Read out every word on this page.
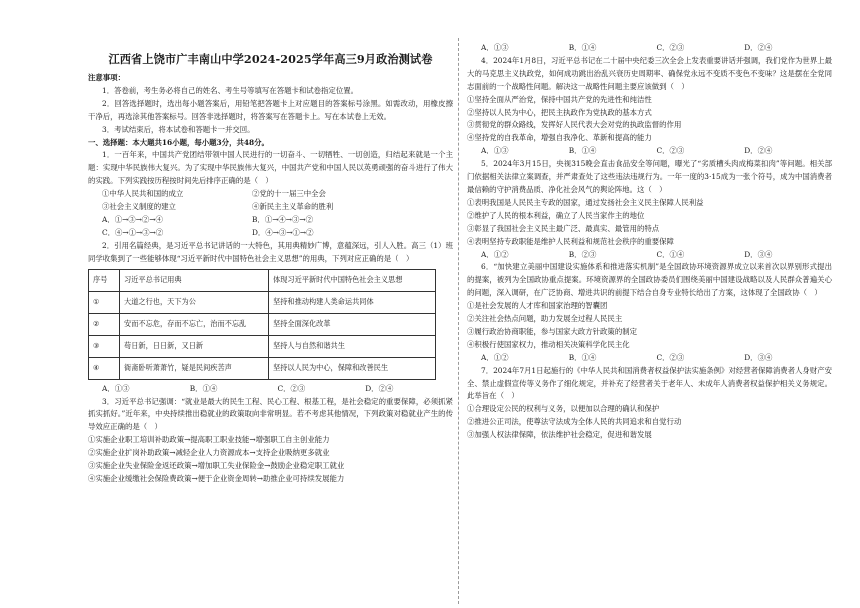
江西省上饶市广丰南山中学2024-2025学年高三9月政治测试卷

注意事项：

1．答卷前，考生务必将自己的姓名、考生号等填写在答题卡和试卷指定位置。

2．回答选择题时，选出每小题答案后，用铅笔把答题卡上对应题目的答案标号涂黑。如需改动，用橡皮擦干净后，再选涂其他答案标号。回答非选择题时，将答案写在答题卡上。写在本试卷上无效。

3．考试结束后，将本试卷和答题卡一并交回。

一、选择题：本大题共16小题，每小题3分，共48分。

1．一百年来，中国共产党团结带领中国人民进行的一切奋斗、一切牺牲、一切创造，归结起来就是一个主题：实现中华民族伟大复兴。为了实现中华民族伟大复兴，中国共产党和中国人民以英勇顽强的奋斗进行了伟大的实践。下列实践按历程按时间先后排序正确的是（　）

①中华人民共和国的成立	②党的十一届三中全会
③社会主义制度的建立	④新民主主义革命的胜利
A．①→③→②→④	B．①→④→③→②
C．④→①→③→②	D．④→③→①→②

2．引用名篇经典，是习近平总书记讲话的一大特色，其用典精妙广博，意蕴深远，引人入胜。高三（1）班同学收集到了一些能够体现“习近平新时代中国特色社会主义思想”的用典，下列对应正确的是（　）

序号	习近平总书记用典	体现习近平新时代中国特色社会主义思想
①	大道之行也，天下为公	坚持和推动构建人类命运共同体
②	安而不忘危，存而不忘亡，治而不忘乱	坚持全面深化改革
③	苟日新，日日新，又日新	坚持人与自然和谐共生
④	衙斋卧听萧萧竹，疑是民间疾苦声	坚持以人民为中心，保障和改善民生
A．①③	B．①④	C．②③	D．②④

3．习近平总书记强调：“就业是最大的民生工程、民心工程、根基工程，是社会稳定的重要保障，必须抓紧抓实抓好。”近年来，中央持续推出稳就业的政策取向非常明显。若不考虑其他情况，下列政策对稳就业产生的传导效应正确的是（　）

①实施企业职工培训补助政策→提高职工职业技能→增强职工自主创业能力

②实施企业扩岗补助政策→减轻企业人力资源成本→支持企业吸纳更多就业

③实施企业失业保险金返还政策→增加职工失业保险金→鼓励企业稳定职工就业

④实施企业缓缴社会保险费政策→便于企业资金周转→助推企业可持续发展能力

A．①③	B．①④	C．②③	D．②④

4．2024年1月8日，习近平总书记在二十届中央纪委三次全会上发表重要讲话并强调，我们党作为世界上最大的马克思主义执政党，如何成功跳出治乱兴衰历史周期率、确保党永远不变质不变色不变味？这是摆在全党同志面前的一个战略性问题。解决这一战略性问题主要应该做到（　）

①坚持全面从严治党，保持中国共产党的先进性和纯洁性

②坚持以人民为中心，把民主执政作为党执政的基本方式

③贯彻党的群众路线，发挥好人民代表大会对党的执政监督的作用

④坚持党的自我革命，增强自我净化、革新和提高的能力

A．①③	B．①④	C．②③	D．②④

5．2024年3月15日，央视315晚会直击食品安全等问题，曝光了“劣质槽头肉成梅菜扣肉”等问题。相关部门依据相关法律立案调查，并严肃查处了这些违法违规行为。一年一度的3·15成为一张个符号，成为中国消费者最信赖的守护消费品质、净化社会风气的舆论阵地。这（　）

①表明我国是人民民主专政的国家，通过发扬社会主义民主保障人民利益

②维护了人民的根本利益，确立了人民当家作主的地位

③彰显了我国社会主义民主最广泛、最真实、最管用的特点

④表明坚持专政职能是维护人民利益和规范社会秩序的重要保障

A．①②	B．②③	C．①④	D．③④

6．“加快建立美丽中国建设实施体系和推进落实机制”是全国政协环境资源界成立以来首次以界别形式提出的提案，被列为全国政协重点提案。环境资源界的全国政协委员们围绕美丽中国建设战略以及人民群众普遍关心的问题，深入调研，在广泛协商、增进共识的前提下结合自身专业特长给出了方案，这体现了全国政协（　）

①是社会发展的人才库和国家治理的智囊团

②关注社会热点问题，助力发展全过程人民民主

③履行政治协商职能，参与国家大政方针政策的制定

④积极行使国家权力，推动相关决策科学化民主化

A．①②	B．①④	C．②③	D．③④

7．2024年7月1日起施行的《中华人民共和国消费者权益保护法实施条例》对经营者保障消费者人身财产安全、禁止虚假宣传等义务作了细化规定，并补充了经营者关于老年人、未成年人消费者权益保护相关义务规定。此举旨在（　）

①合理设定公民的权利与义务，以便加以合理的确认和保护

②推进公正司法，使尊法守法成为全体人民的共同追求和自觉行动

③加强人权法律保障，依法维护社会稳定，促进和谐发展
